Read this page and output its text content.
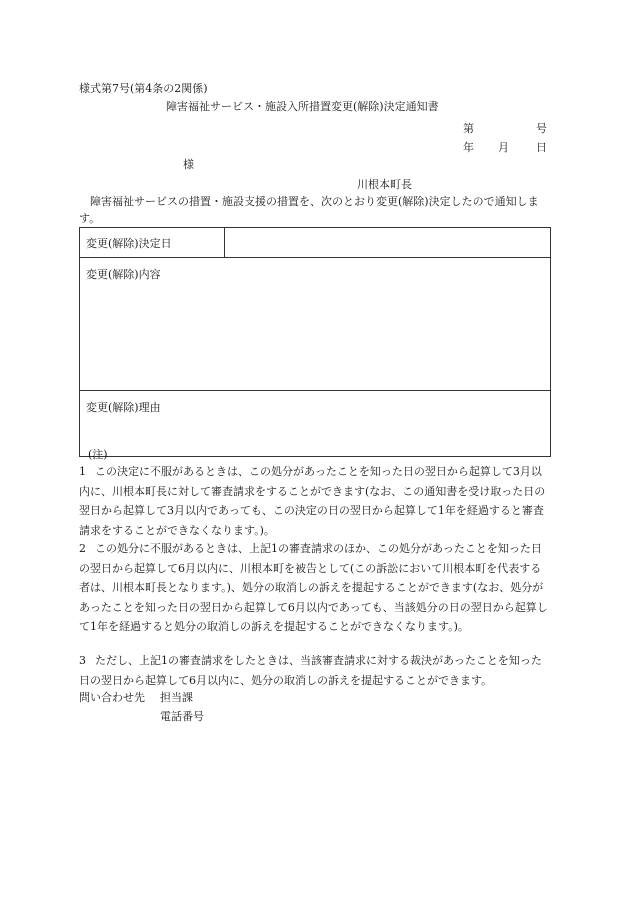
様式第7号(第4条の2関係)
障害福祉サービス・施設入所措置変更(解除)決定通知書
第	号
年 月 日
様
川根本町長
障害福祉サービスの措置・施設支援の措置を、次のとおり変更(解除)決定したので通知します。
変更(解除)決定日	
変更(解除)内容
変更(解除)理由
(注)
1 この決定に不服があるときは、この処分があったことを知った日の翌日から起算して3月以内に、川根本町長に対して審査請求をすることができます(なお、この通知書を受け取った日の翌日から起算して3月以内であっても、この決定の日の翌日から起算して1年を経過すると審査請求をすることができなくなります。)。
2 この処分に不服があるときは、上記1の審査請求のほか、この処分があったことを知った日の翌日から起算して6月以内に、川根本町を被告として(この訴訟において川根本町を代表する者は、川根本町長となります。)、処分の取消しの訴えを提起することができます(なお、処分があったことを知った日の翌日から起算して6月以内であっても、当該処分の日の翌日から起算して1年を経過すると処分の取消しの訴えを提起することができなくなります。)。
3 ただし、上記1の審査請求をしたときは、当該審査請求に対する裁決があったことを知った日の翌日から起算して6月以内に、処分の取消しの訴えを提起することができます。
問い合わせ先 担当課
電話番号
